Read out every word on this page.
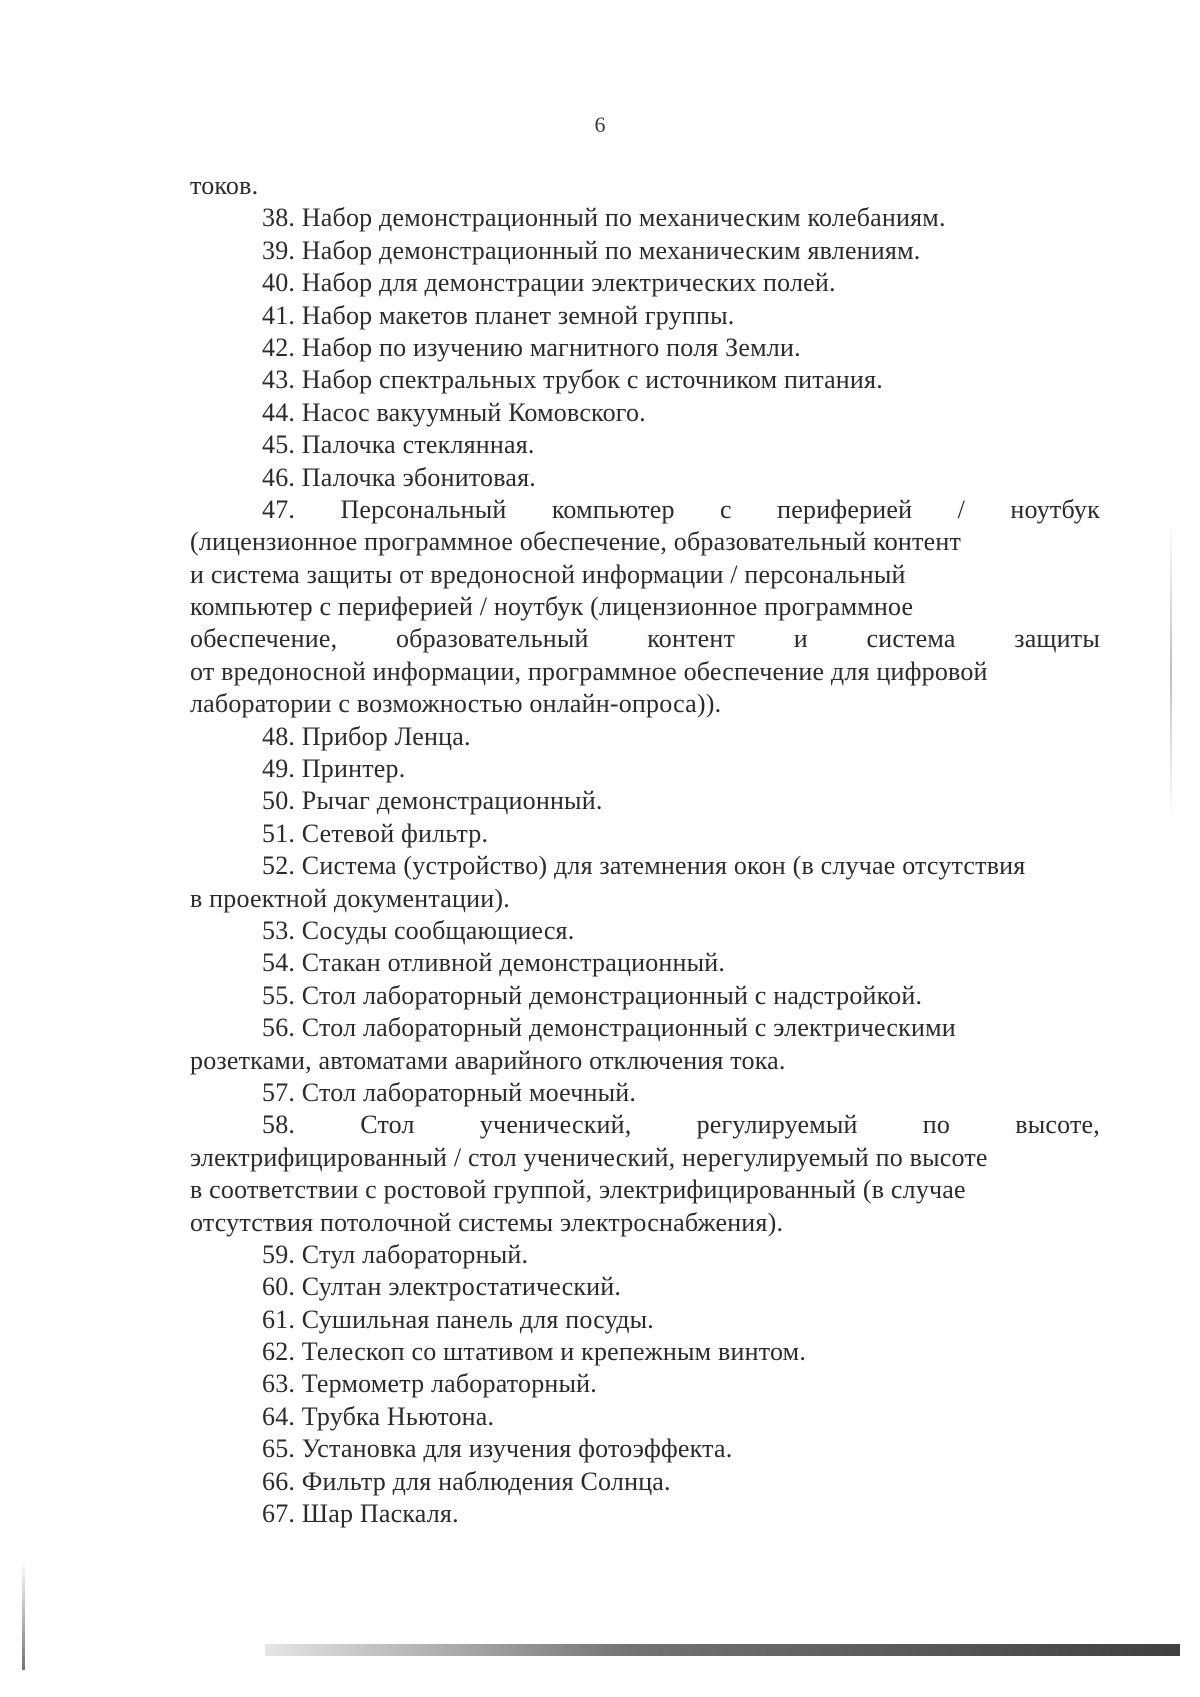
6
токов.
38. Набор демонстрационный по механическим колебаниям.
39. Набор демонстрационный по механическим явлениям.
40. Набор для демонстрации электрических полей.
41. Набор макетов планет земной группы.
42. Набор по изучению магнитного поля Земли.
43. Набор спектральных трубок с источником питания.
44. Насос вакуумный Комовского.
45. Палочка стеклянная.
46. Палочка эбонитовая.
47. Персональный компьютер с периферией / ноутбук
(лицензионное программное обеспечение, образовательный контент
и система защиты от вредоносной информации / персональный
компьютер с периферией / ноутбук (лицензионное программное
обеспечение, образовательный контент и система защиты
от вредоносной информации, программное обеспечение для цифровой
лаборатории с возможностью онлайн-опроса)).
48. Прибор Ленца.
49. Принтер.
50. Рычаг демонстрационный.
51. Сетевой фильтр.
52. Система (устройство) для затемнения окон (в случае отсутствия
в проектной документации).
53. Сосуды сообщающиеся.
54. Стакан отливной демонстрационный.
55. Стол лабораторный демонстрационный с надстройкой.
56. Стол лабораторный демонстрационный с электрическими
розетками, автоматами аварийного отключения тока.
57. Стол лабораторный моечный.
58.	Стол	ученический,	регулируемый	по	высоте,
электрифицированный / стол ученический, нерегулируемый по высоте
в соответствии с ростовой группой, электрифицированный (в случае
отсутствия потолочной системы электроснабжения).
59. Стул лабораторный.
60. Султан электростатический.
61. Сушильная панель для посуды.
62. Телескоп со штативом и крепежным винтом.
63. Термометр лабораторный.
64. Трубка Ньютона.
65. Установка для изучения фотоэффекта.
66. Фильтр для наблюдения Солнца.
67. Шар Паскаля.
